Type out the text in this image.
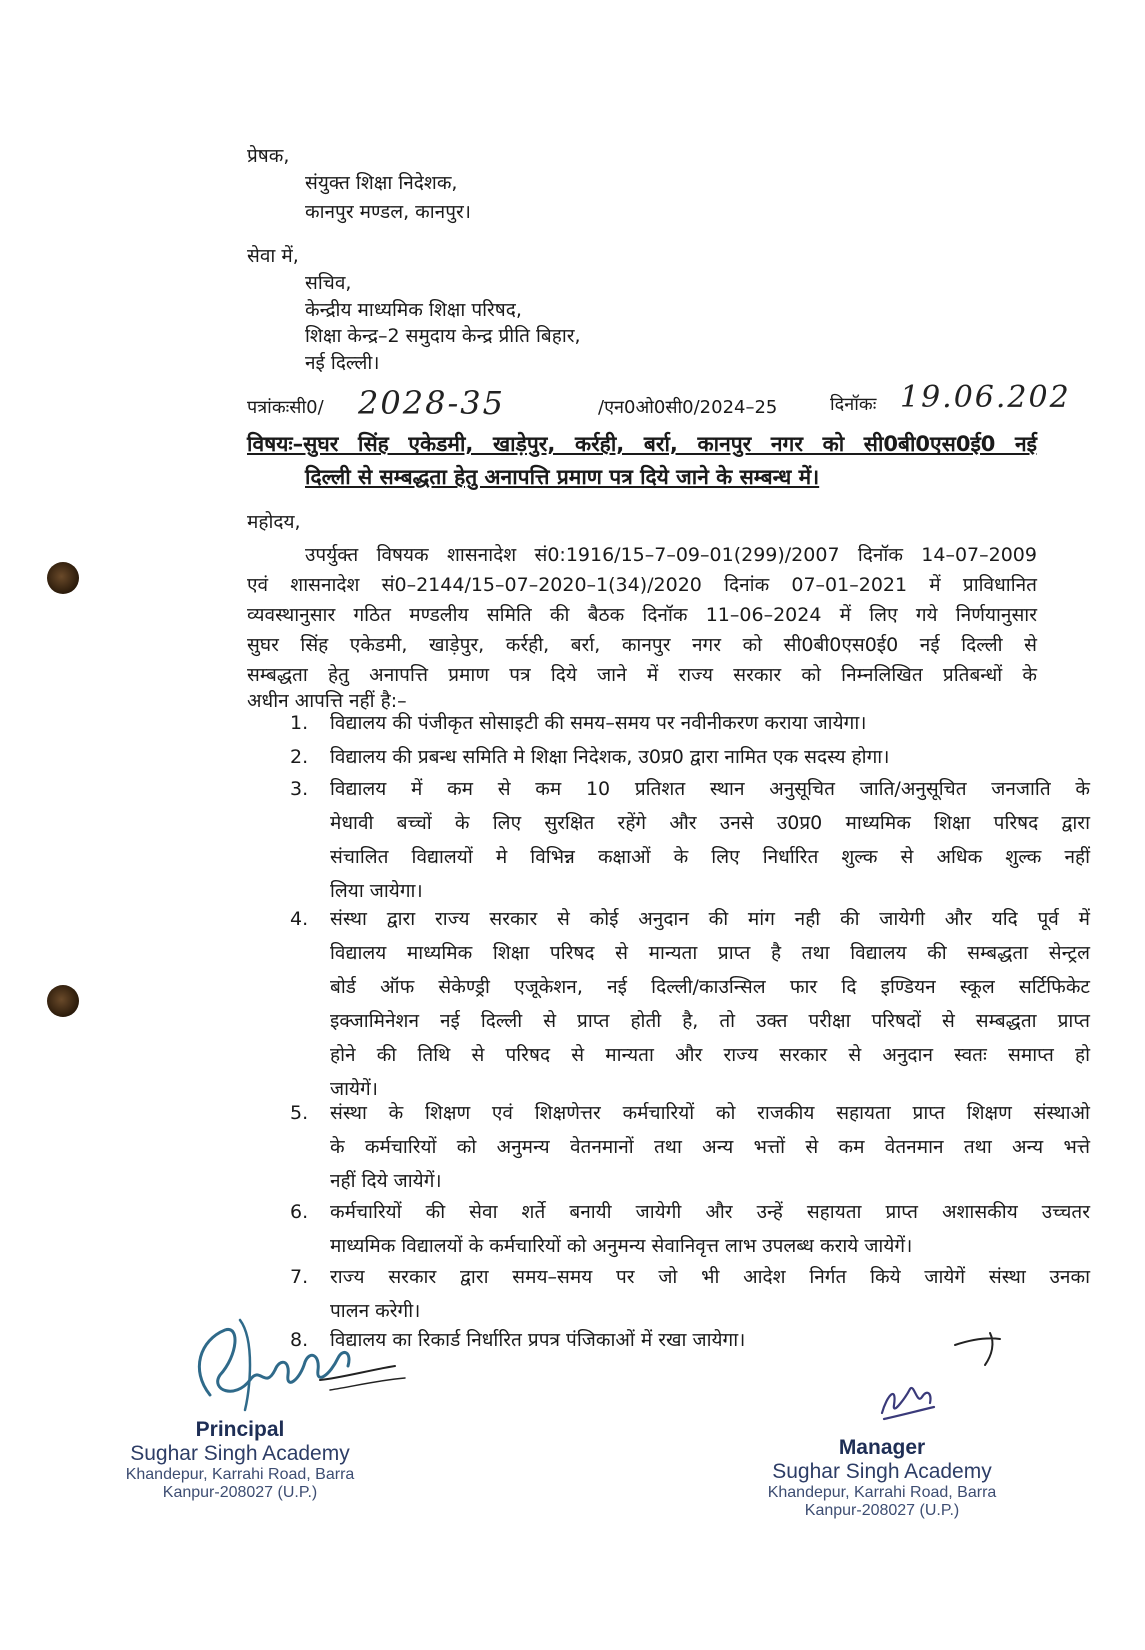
प्रेषक,
संयुक्त शिक्षा निदेशक,
कानपुर मण्डल, कानपुर।
सेवा में,
सचिव,
केन्द्रीय माध्यमिक शिक्षा परिषद,
शिक्षा केन्द्र–2 समुदाय केन्द्र प्रीति बिहार,
नई दिल्ली।
पत्रांकःसी0/ 2028-35	/एन0ओ0सी0/2024–25	दिनॉकः 19.06.202
विषयः–सुघर सिंह एकेडमी, खाड़ेपुर, कर्रही, बर्रा, कानपुर नगर को सी0बी0एस0ई0 नई
दिल्ली से सम्बद्धता हेतु अनापत्ति प्रमाण पत्र दिये जाने के सम्बन्ध में।
महोदय,
उपर्युक्त विषयक शासनादेश सं0:1916/15–7–09–01(299)/2007 दिनॉक 14–07–2009
एवं शासनादेश सं0–2144/15–07–2020–1(34)/2020 दिनांक 07–01–2021 में प्राविधानित
व्यवस्थानुसार गठित मण्डलीय समिति की बैठक दिनॉक 11–06–2024 में लिए गये निर्णयानुसार
सुघर सिंह एकेडमी, खाड़ेपुर, कर्रही, बर्रा, कानपुर नगर को सी0बी0एस0ई0 नई दिल्ली से
सम्बद्धता हेतु अनापत्ति प्रमाण पत्र दिये जाने में राज्य सरकार को निम्नलिखित प्रतिबन्धों के
अधीन आपत्ति नहीं है:–
1. विद्यालय की पंजीकृत सोसाइटी की समय–समय पर नवीनीकरण कराया जायेगा।
2. विद्यालय की प्रबन्ध समिति मे शिक्षा निदेशक, उ0प्र0 द्वारा नामित एक सदस्य होगा।
3. विद्यालय में कम से कम 10 प्रतिशत स्थान अनुसूचित जाति/अनुसूचित जनजाति के
मेधावी बच्चों के लिए सुरक्षित रहेंगे और उनसे उ0प्र0 माध्यमिक शिक्षा परिषद द्वारा
संचालित विद्यालयों मे विभिन्न कक्षाओं के लिए निर्धारित शुल्क से अधिक शुल्क नहीं
लिया जायेगा।
4. संस्था द्वारा राज्य सरकार से कोई अनुदान की मांग नही की जायेगी और यदि पूर्व में
विद्यालय माध्यमिक शिक्षा परिषद से मान्यता प्राप्त है तथा विद्यालय की सम्बद्धता सेन्ट्रल
बोर्ड ऑफ सेकेण्ड्री एजूकेशन, नई दिल्ली/काउन्सिल फार दि इण्डियन स्कूल सर्टिफिकेट
इक्जामिनेशन नई दिल्ली से प्राप्त होती है, तो उक्त परीक्षा परिषदों से सम्बद्धता प्राप्त
होने की तिथि से परिषद से मान्यता और राज्य सरकार से अनुदान स्वतः समाप्त हो
जायेगें।
5. संस्था के शिक्षण एवं शिक्षणेत्तर कर्मचारियों को राजकीय सहायता प्राप्त शिक्षण संस्थाओ
के कर्मचारियों को अनुमन्य वेतनमानों तथा अन्य भत्तों से कम वेतनमान तथा अन्य भत्ते
नहीं दिये जायेगें।
6. कर्मचारियों की सेवा शर्ते बनायी जायेगी और उन्हें सहायता प्राप्त अशासकीय उच्चतर
माध्यमिक विद्यालयों के कर्मचारियों को अनुमन्य सेवानिवृत्त लाभ उपलब्ध कराये जायेगें।
7. राज्य सरकार द्वारा समय–समय पर जो भी आदेश निर्गत किये जायेगें संस्था उनका
पालन करेगी।
8. विद्यालय का रिकार्ड निर्धारित प्रपत्र पंजिकाओं में रखा जायेगा।
Principal
Sughar Singh Academy
Khandepur, Karrahi Road, Barra
Kanpur-208027 (U.P.)
Manager
Sughar Singh Academy
Khandepur, Karrahi Road, Barra
Kanpur-208027 (U.P.)
